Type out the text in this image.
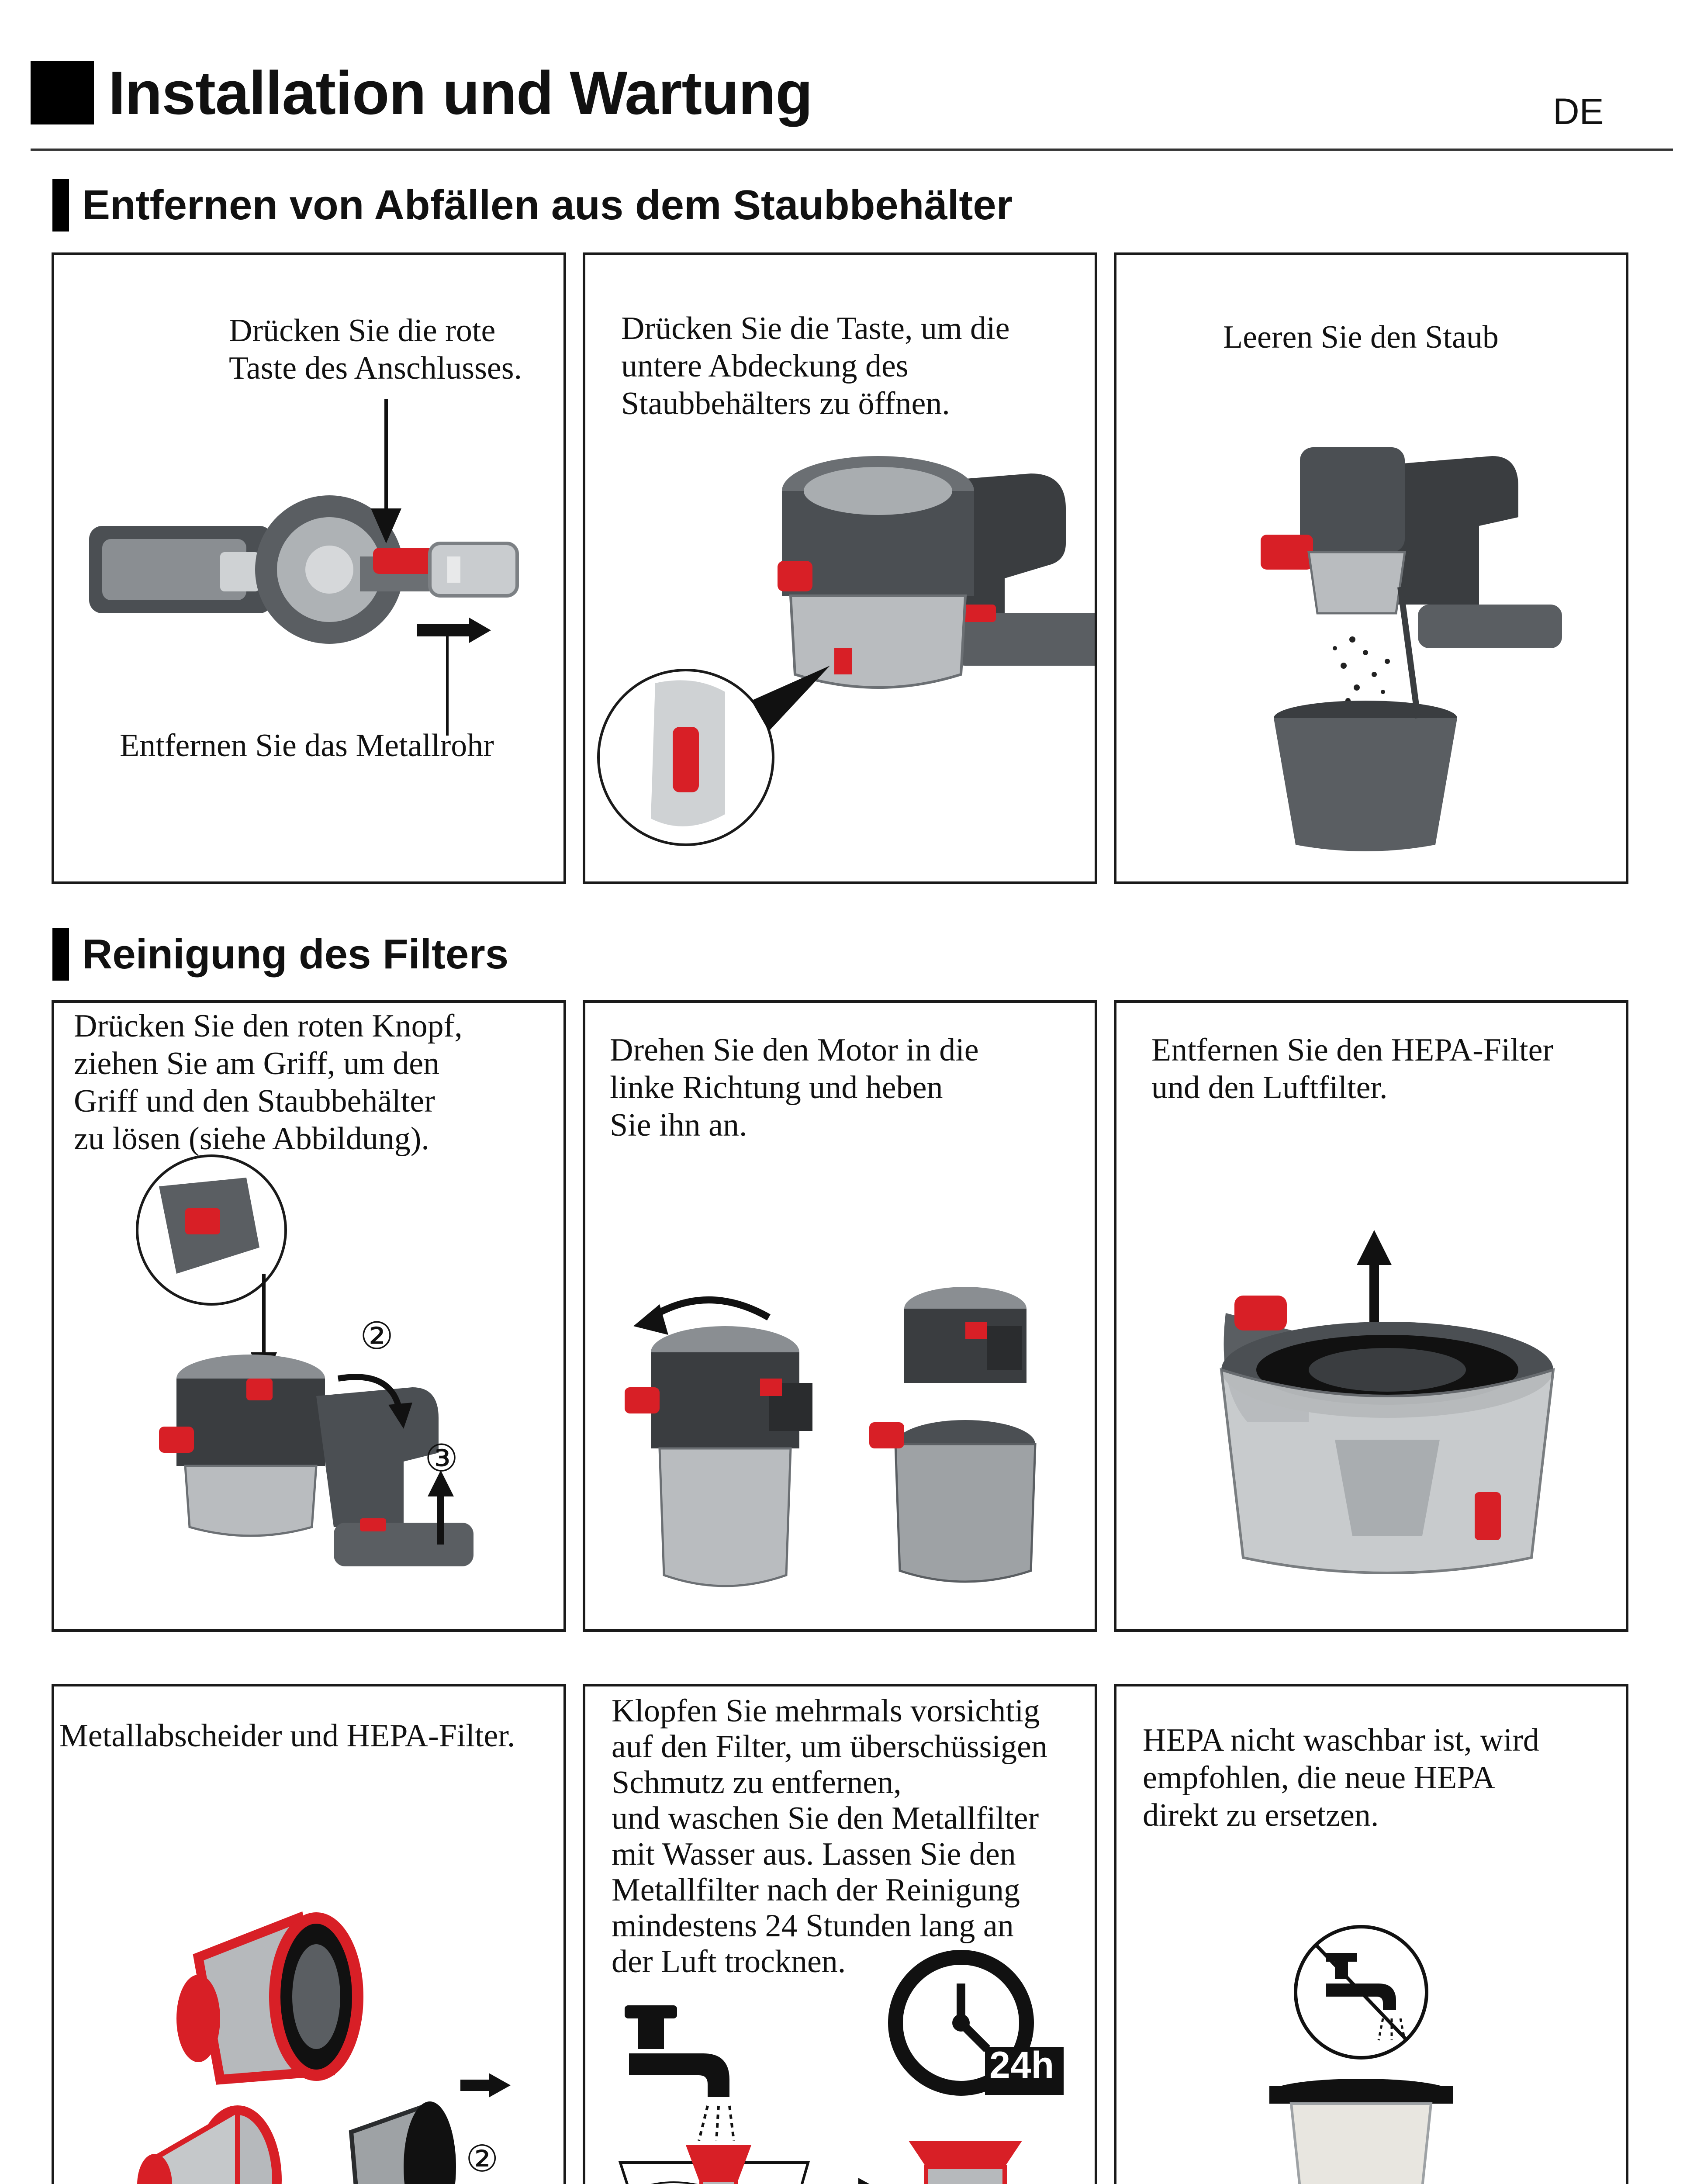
Installation und Wartung	DE
Entfernen von Abfällen aus dem Staubbehälter
Drücken Sie die rote
Taste des Anschlusses.
Entfernen Sie das Metallrohr
Drücken Sie die Taste, um die
untere Abdeckung des
Staubbehälters zu öffnen.
Leeren Sie den Staub
Reinigung des Filters
Drücken Sie den roten Knopf,
ziehen Sie am Griff, um den
Griff und den Staubbehälter
zu lösen (siehe Abbildung).
②
③
Drehen Sie den Motor in die
linke Richtung und heben
Sie ihn an.
Entfernen Sie den HEPA-Filter
und den Luftfilter.
Metallabscheider und HEPA-Filter.
②
Klopfen Sie mehrmals vorsichtig
auf den Filter, um überschüssigen
Schmutz zu entfernen,
und waschen Sie den Metallfilter
mit Wasser aus. Lassen Sie den
Metallfilter nach der Reinigung
mindestens 24 Stunden lang an
der Luft trocknen.
24h
HEPA nicht waschbar ist, wird
empfohlen, die neue HEPA
direkt zu ersetzen.
